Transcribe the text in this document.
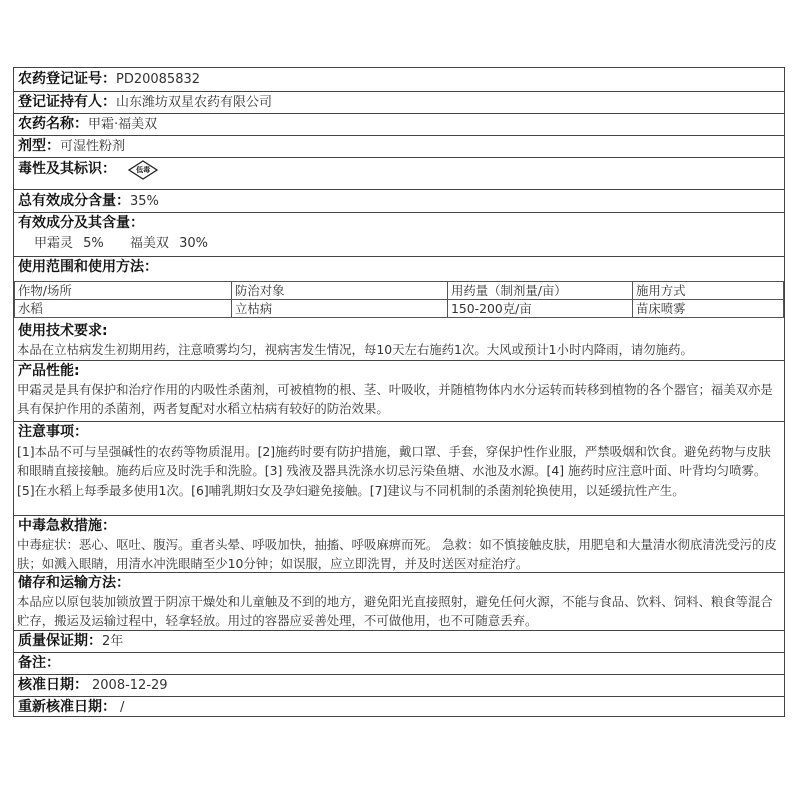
农药登记证号：PD20085832
登记证持有人：山东潍坊双星农药有限公司
农药名称：甲霜·福美双
剂型：可湿性粉剂
毒性及其标识：	低毒
总有效成分含量：35%
有效成分及其含量：
甲霜灵 5% 福美双 30%
使用范围和使用方法：
作物/场所	防治对象	用药量（制剂量/亩）	施用方式
水稻	立枯病	150-200克/亩	苗床喷雾
使用技术要求:
本品在立枯病发生初期用药，注意喷雾均匀，视病害发生情况，每10天左右施药1次。大风或预计1小时内降雨，请勿施药。
产品性能:
甲霜灵是具有保护和治疗作用的内吸性杀菌剂，可被植物的根、茎、叶吸收，并随植物体内水分运转而转移到植物的各个器官；福美双亦是具有保护作用的杀菌剂，两者复配对水稻立枯病有较好的防治效果。
注意事项：
[1]本品不可与呈强碱性的农药等物质混用。[2]施药时要有防护措施，戴口罩、手套，穿保护性作业服，严禁吸烟和饮食。避免药物与皮肤和眼睛直接接触。施药后应及时洗手和洗脸。[3] 残液及器具洗涤水切忌污染鱼塘、水池及水源。[4] 施药时应注意叶面、叶背均匀喷雾。[5]在水稻上每季最多使用1次。[6]哺乳期妇女及孕妇避免接触。[7]建议与不同机制的杀菌剂轮换使用，以延缓抗性产生。
中毒急救措施：
中毒症状：恶心、呕吐、腹泻。重者头晕、呼吸加快，抽搐、呼吸麻痹而死。 急救：如不慎接触皮肤，用肥皂和大量清水彻底清洗受污的皮肤；如溅入眼睛，用清水冲洗眼睛至少10分钟；如误服，应立即洗胃，并及时送医对症治疗。
储存和运输方法：
本品应以原包装加锁放置于阴凉干燥处和儿童触及不到的地方，避免阳光直接照射，避免任何火源，不能与食品、饮料、饲料、粮食等混合贮存，搬运及运输过程中，轻拿轻放。用过的容器应妥善处理，不可做他用，也不可随意丢弃。
质量保证期：2年
备注：
核准日期： 2008-12-29
重新核准日期： /
